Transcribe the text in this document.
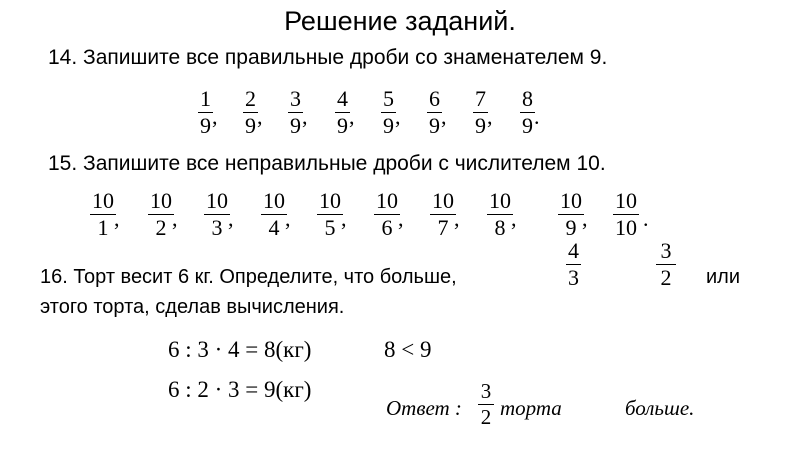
Решение заданий.
14. Запишите все правильные дроби со знаменателем 9.
1
9 ,
2
9 ,
3
9 ,
4
9 ,
5
9 ,
6
9 ,
7
9 ,
8
9 .
15. Запишите все неправильные дроби с числителем 10.
10
1 ,
10
2 ,
10
3 ,
10
4 ,
10
5 ,
10
6 ,
10
7 ,
10
8 ,
10
9 ,
10
10 .
16. Торт весит 6 кг. Определите, что больше,	или
этого торта, сделав вычисления.
4
3
3
2
6 : 3 · 4 = 8(кг)
6 : 2 · 3 = 9(кг)
8 < 9
Ответ :
3
2 торта	больше.
